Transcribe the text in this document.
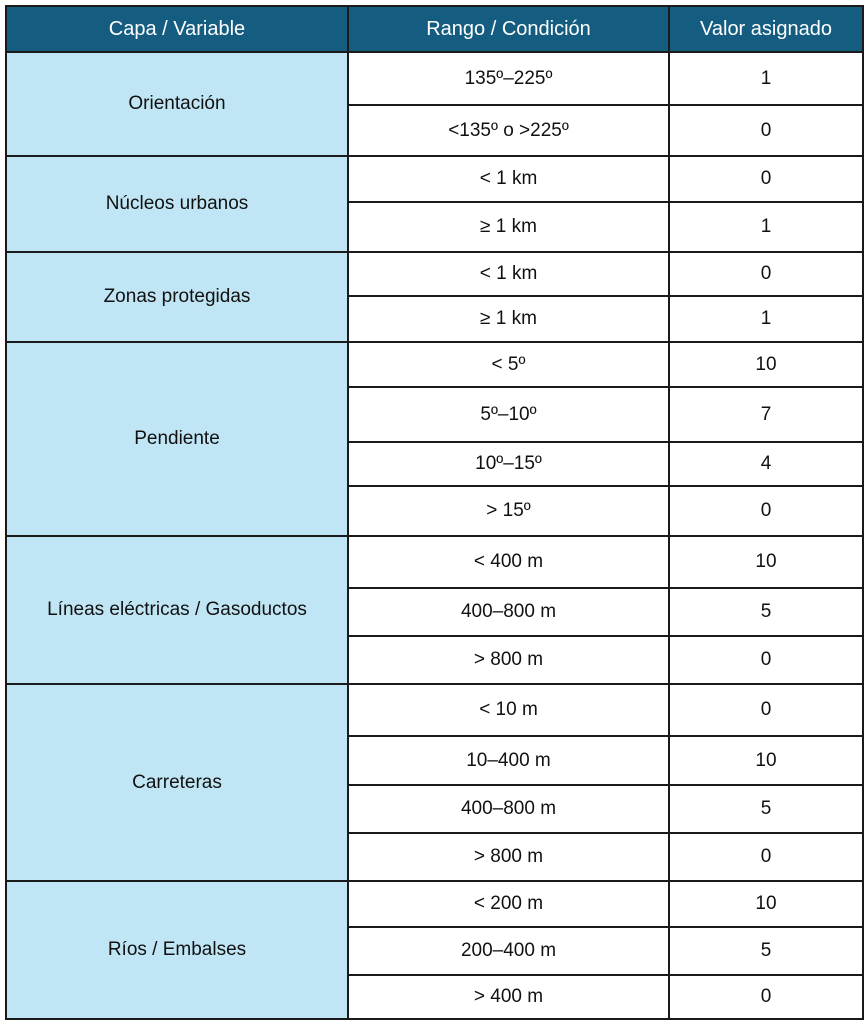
Capa / Variable	Rango / Condición	Valor asignado
Orientación	135º–225º	1
	<135º o >225º	0
Núcleos urbanos	< 1 km	0
	≥ 1 km	1
Zonas protegidas	< 1 km	0
	≥ 1 km	1
Pendiente	< 5º	10
	5º–10º	7
	10º–15º	4
	> 15º	0
Líneas eléctricas / Gasoductos	< 400 m	10
	400–800 m	5
	> 800 m	0
Carreteras	< 10 m	0
	10–400 m	10
	400–800 m	5
	> 800 m	0
Ríos / Embalses	< 200 m	10
	200–400 m	5
	> 400 m	0
